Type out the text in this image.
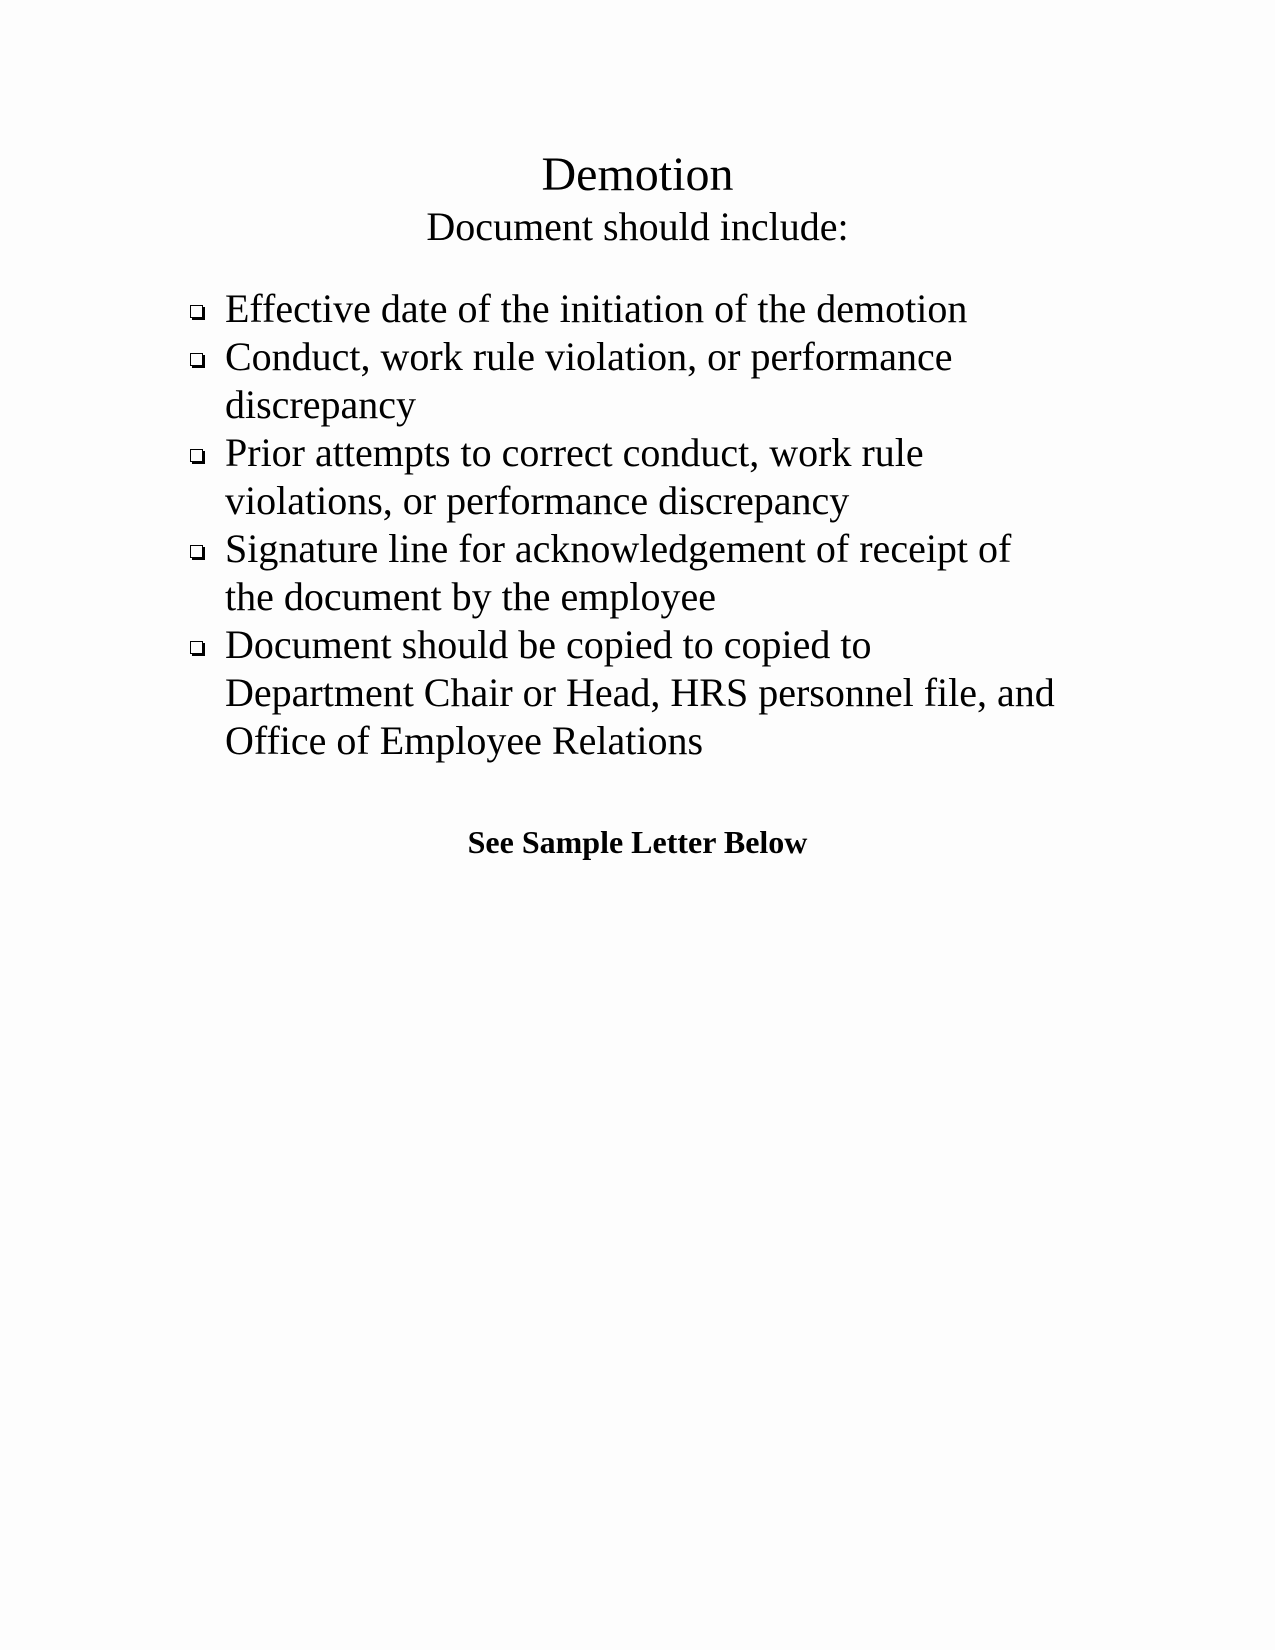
Demotion

Document should include:

Effective date of the initiation of the demotion
Conduct, work rule violation, or performance discrepancy
Prior attempts to correct conduct, work rule violations, or performance discrepancy
Signature line for acknowledgement of receipt of the document by the employee
Document should be copied to copied to Department Chair or Head, HRS personnel file, and Office of Employee Relations

See Sample Letter Below
